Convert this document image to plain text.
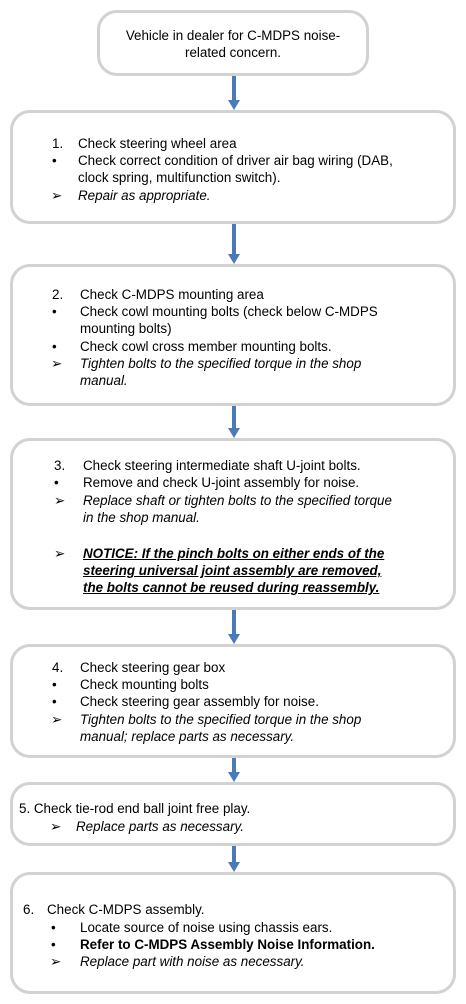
Vehicle in dealer for C-MDPS noise-
related concern.
1. Check steering wheel area
• Check correct condition of driver air bag wiring (DAB,
clock spring, multifunction switch).
➢ Repair as appropriate.
2. Check C-MDPS mounting area
• Check cowl mounting bolts (check below C-MDPS
mounting bolts)
• Check cowl cross member mounting bolts.
➢ Tighten bolts to the specified torque in the shop
manual.
3. Check steering intermediate shaft U-joint bolts.
• Remove and check U-joint assembly for noise.
➢ Replace shaft or tighten bolts to the specified torque
in the shop manual.
➢ NOTICE: If the pinch bolts on either ends of the
steering universal joint assembly are removed,
the bolts cannot be reused during reassembly.
4. Check steering gear box
• Check mounting bolts
• Check steering gear assembly for noise.
➢ Tighten bolts to the specified torque in the shop
manual; replace parts as necessary.
5. Check tie-rod end ball joint free play.
➢ Replace parts as necessary.
6. Check C-MDPS assembly.
• Locate source of noise using chassis ears.
• Refer to C-MDPS Assembly Noise Information.
➢ Replace part with noise as necessary.
